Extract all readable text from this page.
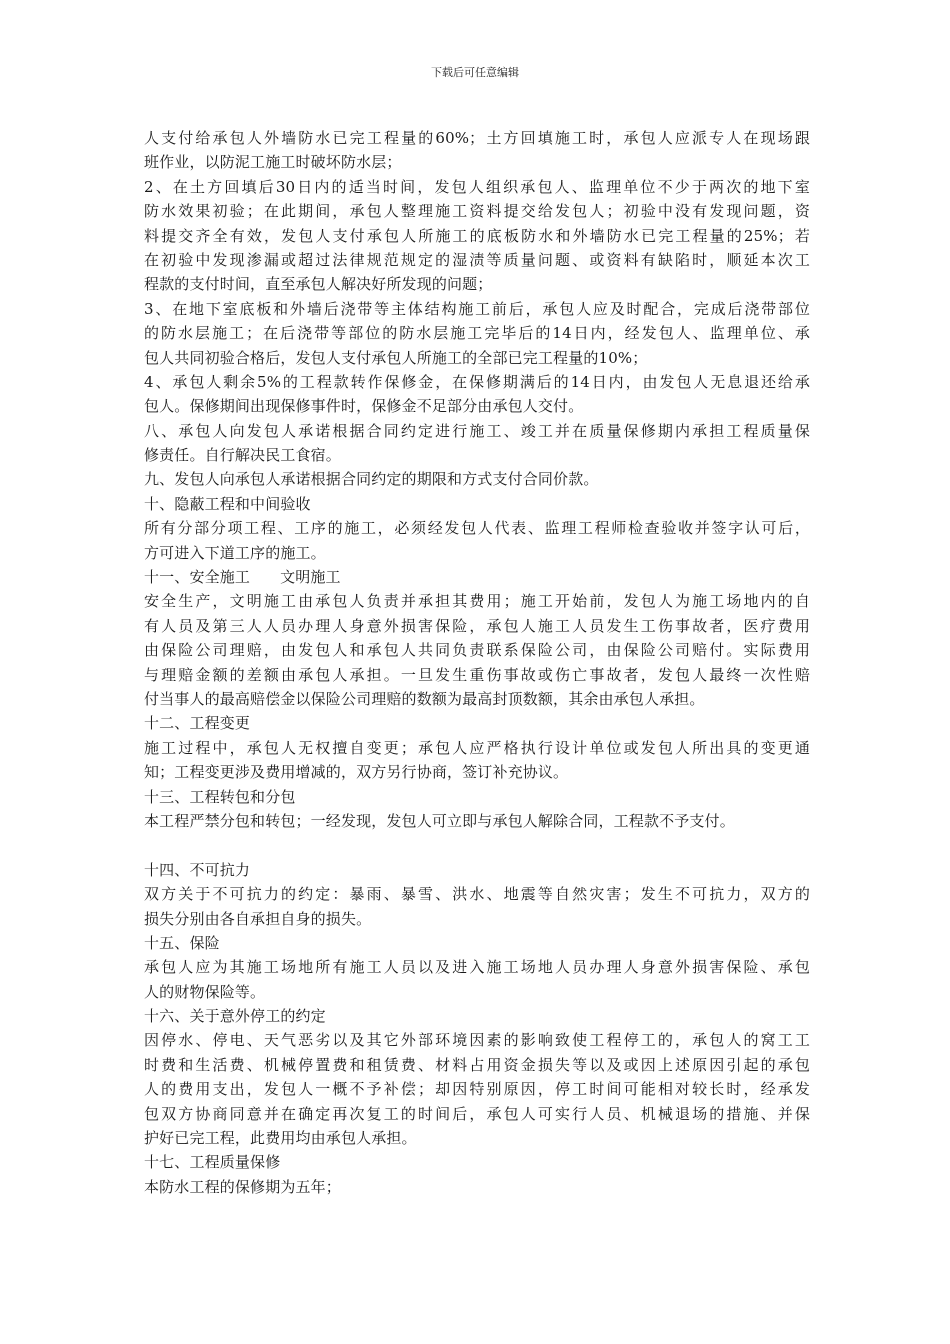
下载后可任意编辑
人支付给承包人外墙防水已完工程量的60%；土方回填施工时，承包人应派专人在现场跟
班作业，以防泥工施工时破坏防水层；
2、在土方回填后30日内的适当时间，发包人组织承包人、监理单位不少于两次的地下室
防水效果初验；在此期间，承包人整理施工资料提交给发包人；初验中没有发现问题，资
料提交齐全有效，发包人支付承包人所施工的底板防水和外墙防水已完工程量的25%；若
在初验中发现渗漏或超过法律规范规定的湿渍等质量问题、或资料有缺陷时，顺延本次工
程款的支付时间，直至承包人解决好所发现的问题；
3、在地下室底板和外墙后浇带等主体结构施工前后，承包人应及时配合，完成后浇带部位
的防水层施工；在后浇带等部位的防水层施工完毕后的14日内，经发包人、监理单位、承
包人共同初验合格后，发包人支付承包人所施工的全部已完工程量的10%；
4、承包人剩余5%的工程款转作保修金，在保修期满后的14日内，由发包人无息退还给承
包人。保修期间出现保修事件时，保修金不足部分由承包人交付。
八、承包人向发包人承诺根据合同约定进行施工、竣工并在质量保修期内承担工程质量保
修责任。自行解决民工食宿。
九、发包人向承包人承诺根据合同约定的期限和方式支付合同价款。
十、隐蔽工程和中间验收
所有分部分项工程、工序的施工，必须经发包人代表、监理工程师检查验收并签字认可后，
方可进入下道工序的施工。
十一、安全施工 文明施工
安全生产，文明施工由承包人负责并承担其费用；施工开始前，发包人为施工场地内的自
有人员及第三人人员办理人身意外损害保险，承包人施工人员发生工伤事故者，医疗费用
由保险公司理赔，由发包人和承包人共同负责联系保险公司，由保险公司赔付。实际费用
与理赔金额的差额由承包人承担。一旦发生重伤事故或伤亡事故者，发包人最终一次性赔
付当事人的最高赔偿金以保险公司理赔的数额为最高封顶数额，其余由承包人承担。
十二、工程变更
施工过程中，承包人无权擅自变更；承包人应严格执行设计单位或发包人所出具的变更通
知；工程变更涉及费用增减的，双方另行协商，签订补充协议。
十三、工程转包和分包
本工程严禁分包和转包；一经发现，发包人可立即与承包人解除合同，工程款不予支付。
十四、不可抗力
双方关于不可抗力的约定：暴雨、暴雪、洪水、地震等自然灾害；发生不可抗力，双方的
损失分别由各自承担自身的损失。
十五、保险
承包人应为其施工场地所有施工人员以及进入施工场地人员办理人身意外损害保险、承包
人的财物保险等。
十六、关于意外停工的约定
因停水、停电、天气恶劣以及其它外部环境因素的影响致使工程停工的，承包人的窝工工
时费和生活费、机械停置费和租赁费、材料占用资金损失等以及或因上述原因引起的承包
人的费用支出，发包人一概不予补偿；却因特别原因，停工时间可能相对较长时，经承发
包双方协商同意并在确定再次复工的时间后，承包人可实行人员、机械退场的措施、并保
护好已完工程，此费用均由承包人承担。
十七、工程质量保修
本防水工程的保修期为五年；
